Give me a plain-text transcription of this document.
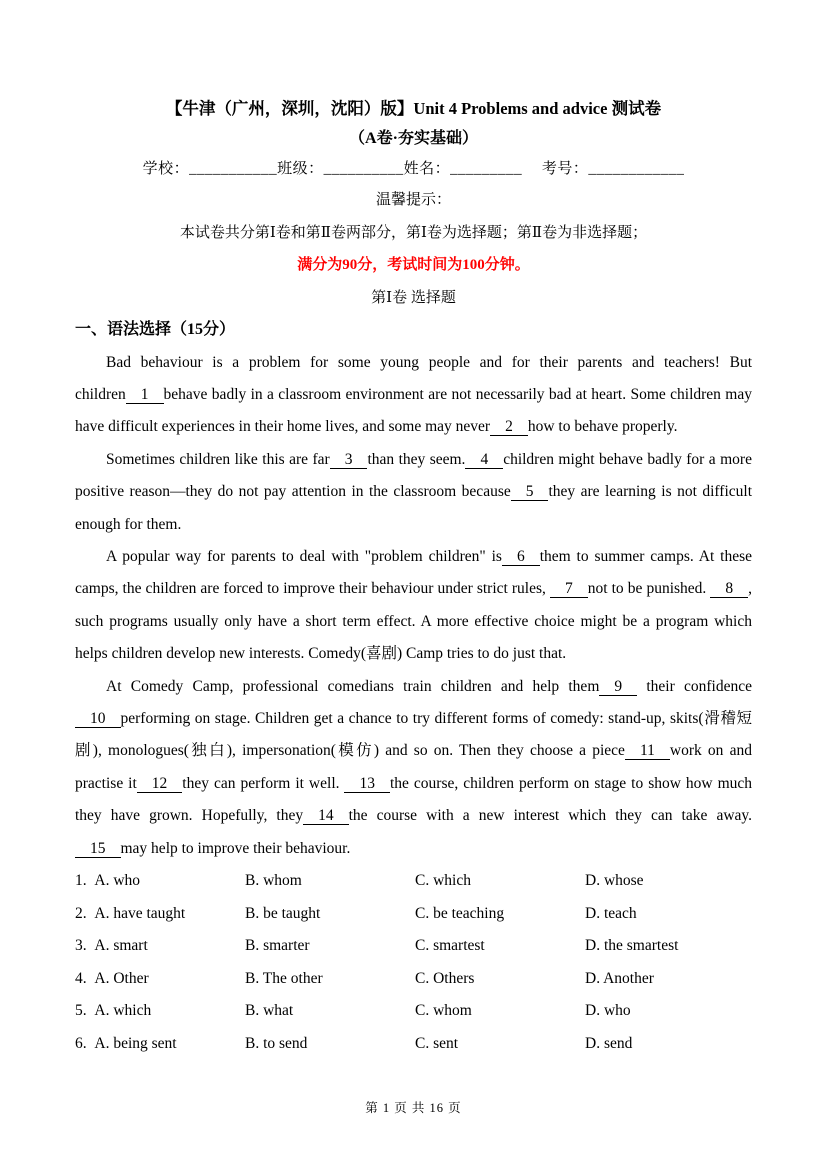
【牛津（广州，深圳，沈阳）版】Unit 4 Problems and advice 测试卷
（A卷·夯实基础）
学校：___________班级：__________姓名：_________　 考号：____________
温馨提示：
本试卷共分第Ⅰ卷和第Ⅱ卷两部分，第Ⅰ卷为选择题；第Ⅱ卷为非选择题；
满分为90分，考试时间为100分钟。
第Ⅰ卷 选择题
一、语法选择（15分）

Bad behaviour is a problem for some young people and for their parents and teachers! But children 1 behave badly in a classroom environment are not necessarily bad at heart. Some children may have difficult experiences in their home lives, and some may never 2 how to behave properly.

Sometimes children like this are far 3 than they seem. 4 children might behave badly for a more positive reason—they do not pay attention in the classroom because 5 they are learning is not difficult enough for them.

A popular way for parents to deal with "problem children" is 6 them to summer camps. At these camps, the children are forced to improve their behaviour under strict rules, 7 not to be punished. 8 , such programs usually only have a short term effect. A more effective choice might be a program which helps children develop new interests. Comedy(喜剧) Camp tries to do just that.

At Comedy Camp, professional comedians train children and help them 9 their confidence 10 performing on stage. Children get a chance to try different forms of comedy: stand-up, skits(滑稽短剧), monologues(独白), impersonation(模仿) and so on. Then they choose a piece 11 work on and practise it 12 they can perform it well. 13 the course, children perform on stage to show how much they have grown. Hopefully, they 14 the course with a new interest which they can take away. 15 may help to improve their behaviour.

1.  A. who	B. whom	C. which	D. whose
2.  A. have taught	B. be taught	C. be teaching	D. teach
3.  A. smart	B. smarter	C. smartest	D. the smartest
4.  A. Other	B. The other	C. Others	D. Another
5.  A. which	B. what	C. whom	D. who
6.  A. being sent	B. to send	C. sent	D. send
第 1 页 共 16 页
